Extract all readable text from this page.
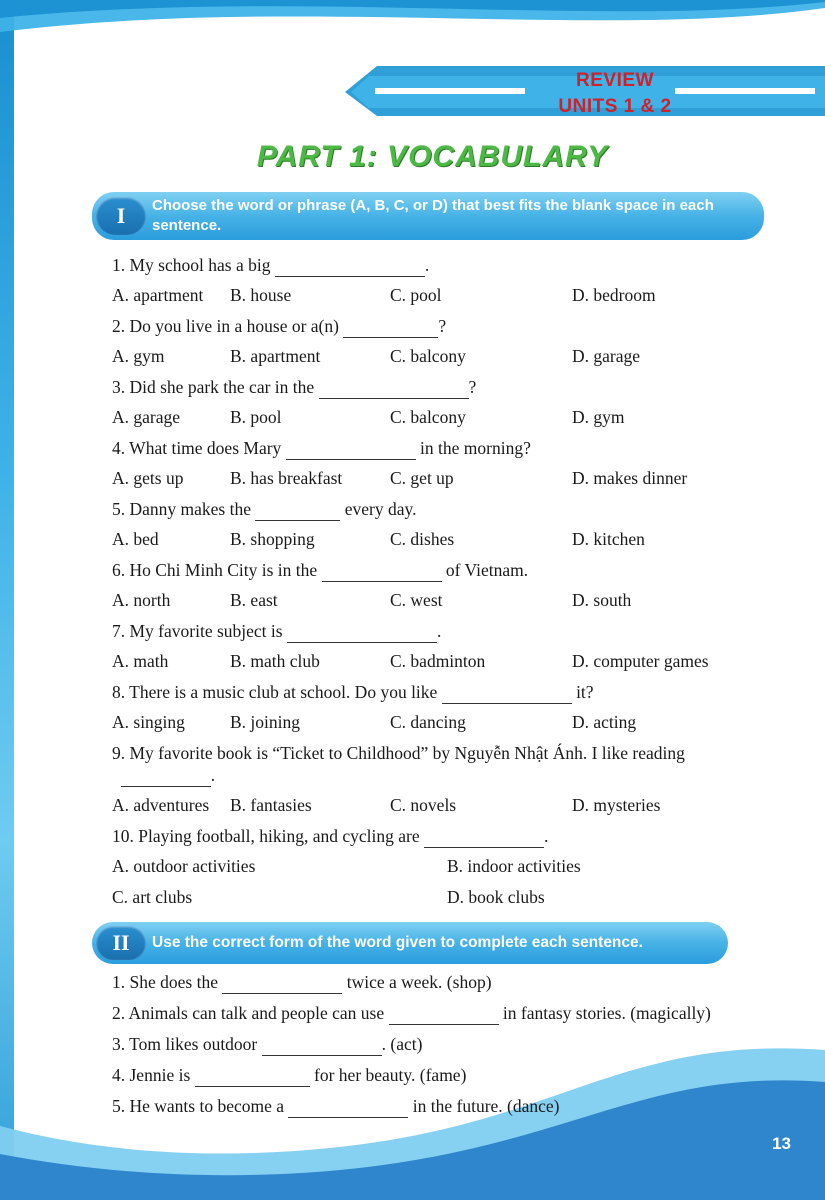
REVIEW
UNITS 1 & 2
PART 1: VOCABULARY
I	Choose the word or phrase (A, B, C, or D) that best fits the blank space in each sentence.
1. My school has a big	.
A. apartment	B. house	C. pool	D. bedroom
2. Do you live in a house or a(n)	?
A. gym	B. apartment	C. balcony	D. garage
3. Did she park the car in the	?
A. garage	B. pool	C. balcony	D. gym
4. What time does Mary	in the morning?
A. gets up	B. has breakfast	C. get up	D. makes dinner
5. Danny makes the	every day.
A. bed	B. shopping	C. dishes	D. kitchen
6. Ho Chi Minh City is in the	of Vietnam.
A. north	B. east	C. west	D. south
7. My favorite subject is	.
A. math	B. math club	C. badminton	D. computer games
8. There is a music club at school. Do you like	it?
A. singing	B. joining	C. dancing	D. acting
9. My favorite book is “Ticket to Childhood” by Nguyễn Nhật Ánh. I like reading
.
A. adventures	B. fantasies	C. novels	D. mysteries
10. Playing football, hiking, and cycling are	.
A. outdoor activities	B. indoor activities
C. art clubs	D. book clubs
II	Use the correct form of the word given to complete each sentence.
1. She does the	twice a week. (shop)
2. Animals can talk and people can use	in fantasy stories. (magically)
3. Tom likes outdoor	. (act)
4. Jennie is	for her beauty. (fame)
5. He wants to become a	in the future. (dance)
13
